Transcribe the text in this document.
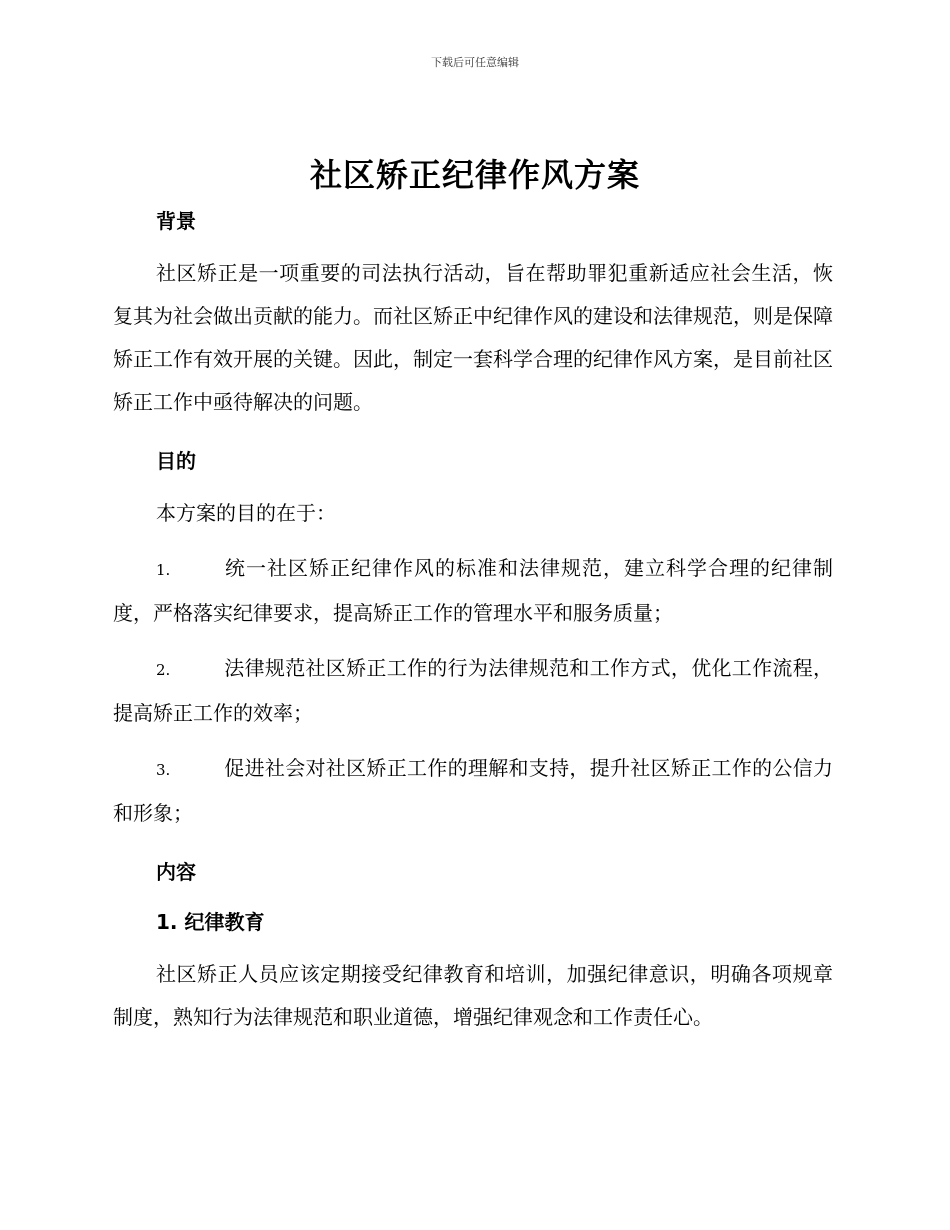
下载后可任意编辑
社区矫正纪律作风方案

背景

社区矫正是一项重要的司法执行活动，旨在帮助罪犯重新适应社会生活，恢复其为社会做出贡献的能力。而社区矫正中纪律作风的建设和法律规范，则是保障矫正工作有效开展的关键。因此，制定一套科学合理的纪律作风方案，是目前社区矫正工作中亟待解决的问题。

目的

本方案的目的在于：

1.	统一社区矫正纪律作风的标准和法律规范，建立科学合理的纪律制度，严格落实纪律要求，提高矫正工作的管理水平和服务质量；

2.	法律规范社区矫正工作的行为法律规范和工作方式，优化工作流程，提高矫正工作的效率；

3.	促进社会对社区矫正工作的理解和支持，提升社区矫正工作的公信力和形象；

内容

1. 纪律教育

社区矫正人员应该定期接受纪律教育和培训，加强纪律意识，明确各项规章制度，熟知行为法律规范和职业道德，增强纪律观念和工作责任心。
